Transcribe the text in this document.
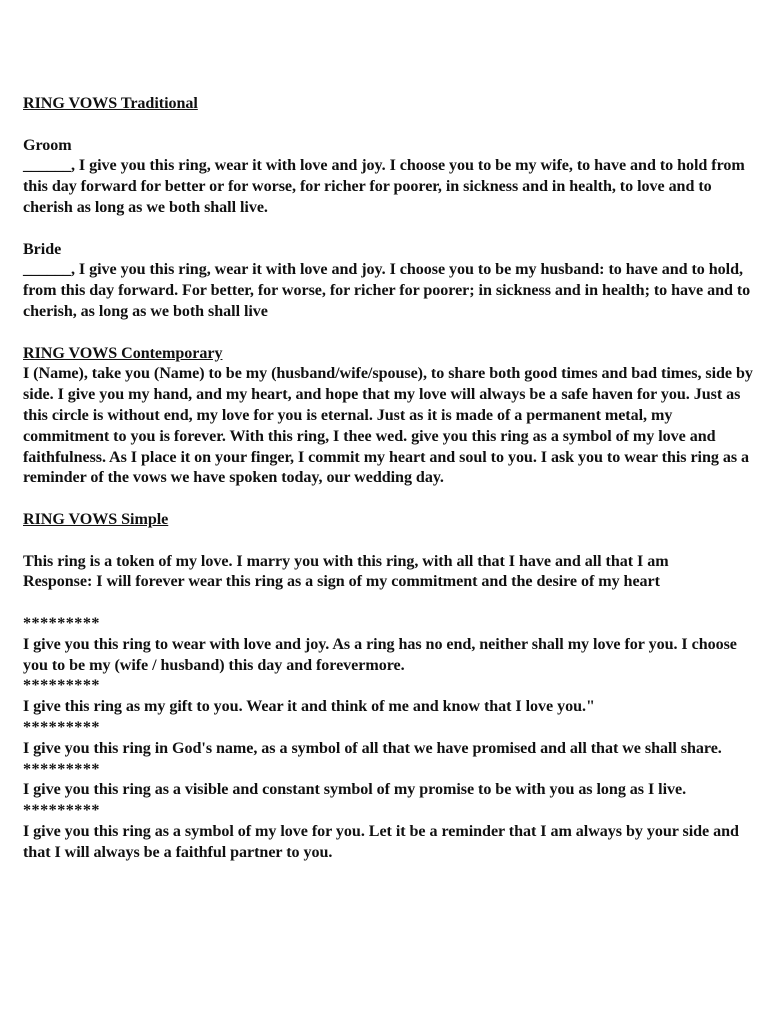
RING VOWS Traditional

Groom

______, I give you this ring, wear it with love and joy. I choose you to be my wife, to have and to hold from this day forward for better or for worse, for richer for poorer, in sickness and in health, to love and to cherish as long as we both shall live.

Bride

______, I give you this ring, wear it with love and joy. I choose you to be my husband: to have and to hold, from this day forward. For better, for worse, for richer for poorer; in sickness and in health; to have and to cherish, as long as we both shall live

RING VOWS Contemporary

I (Name), take you (Name) to be my (husband/wife/spouse), to share both good times and bad times, side by side. I give you my hand, and my heart, and hope that my love will always be a safe haven for you. Just as this circle is without end, my love for you is eternal. Just as it is made of a permanent metal, my commitment to you is forever. With this ring, I thee wed. give you this ring as a symbol of my love and faithfulness. As I place it on your finger, I commit my heart and soul to you. I ask you to wear this ring as a reminder of the vows we have spoken today, our wedding day.

RING VOWS Simple

This ring is a token of my love. I marry you with this ring, with all that I have and all that I am

Response: I will forever wear this ring as a sign of my commitment and the desire of my heart

*********

I give you this ring to wear with love and joy. As a ring has no end, neither shall my love for you. I choose you to be my (wife / husband) this day and forevermore.

*********

I give this ring as my gift to you. Wear it and think of me and know that I love you."

*********

I give you this ring in God's name, as a symbol of all that we have promised and all that we shall share.

*********

I give you this ring as a visible and constant symbol of my promise to be with you as long as I live.

*********

I give you this ring as a symbol of my love for you. Let it be a reminder that I am always by your side and that I will always be a faithful partner to you.
